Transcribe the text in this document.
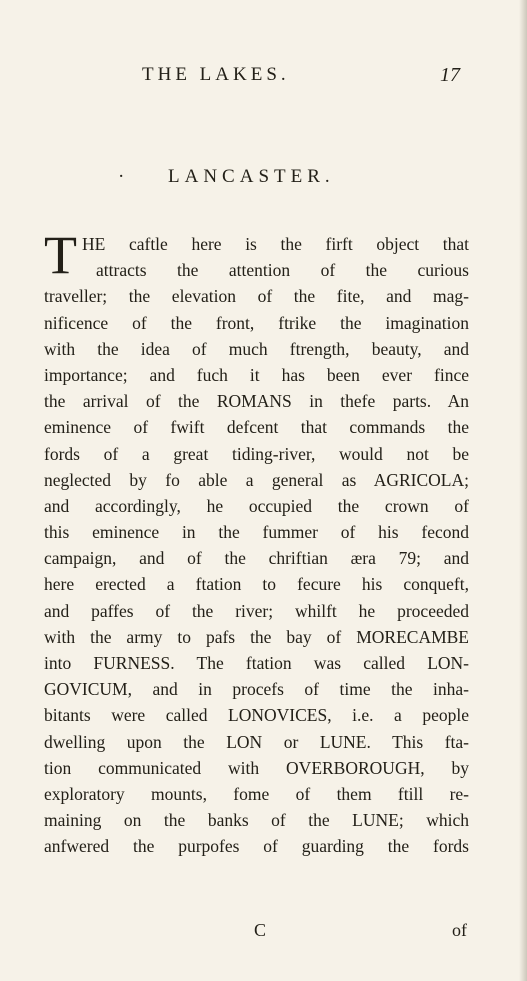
THE LAKES.	17

· LANCASTER.
T HE caftle here is the firft object that
attracts the attention of the curious
traveller; the elevation of the fite, and mag-
nificence of the front, ftrike the imagination
with the idea of much ftrength, beauty, and
importance; and fuch it has been ever fince
the arrival of the ROMANS in thefe parts. An
eminence of fwift defcent that commands the
fords of a great tiding-river, would not be
neglected by fo able a general as AGRICOLA;
and accordingly, he occupied the crown of
this eminence in the fummer of his fecond
campaign, and of the chriftian æra 79; and
here erected a ftation to fecure his conqueft,
and paffes of the river; whilft he proceeded
with the army to pafs the bay of MORECAMBE
into FURNESS. The ftation was called LON-
GOVICUM, and in procefs of time the inha-
bitants were called LONOVICES, i.e. a people
dwelling upon the LON or LUNE. This fta-
tion communicated with OVERBOROUGH, by
exploratory mounts, fome of them ftill re-
maining on the banks of the LUNE; which
anfwered the purpofes of guarding the fords
C	of
